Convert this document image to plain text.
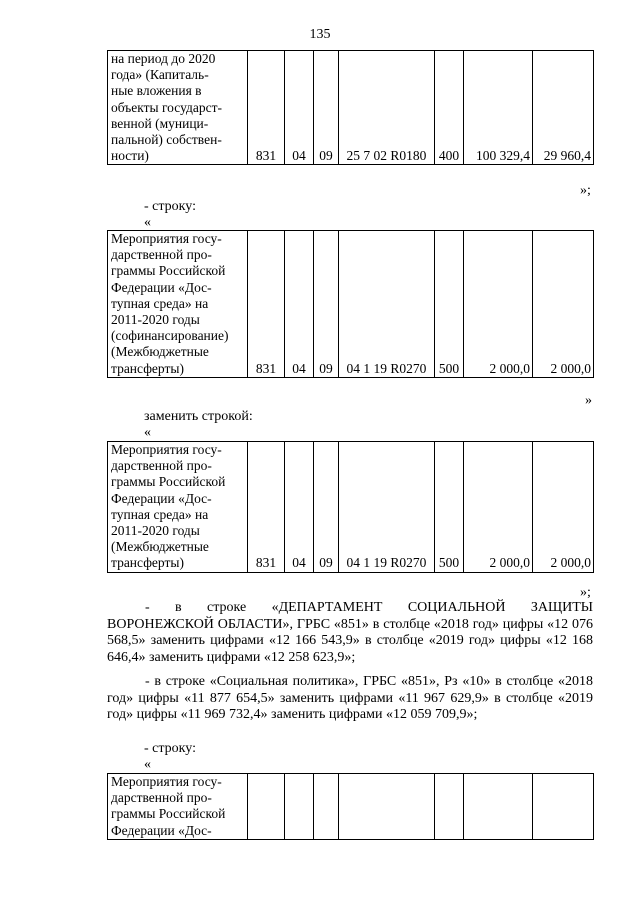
135
на период до 2020
года» (Капиталь-
ные вложения в
объекты государст-
венной (муници-
пальной) собствен-
ности)	831	04	09	25 7 02 R0180	400	100 329,4	29 960,4
»;
- строку:
«
Мероприятия госу-
дарственной про-
граммы Российской
Федерации «Дос-
тупная среда» на
2011-2020 годы
(софинансирование)
(Межбюджетные
трансферты)	831	04	09	04 1 19 R0270	500	2 000,0	2 000,0
»
заменить строкой:
«
Мероприятия госу-
дарственной про-
граммы Российской
Федерации «Дос-
тупная среда» на
2011-2020 годы
(Межбюджетные
трансферты)	831	04	09	04 1 19 R0270	500	2 000,0	2 000,0
»;
- в строке «ДЕПАРТАМЕНТ СОЦИАЛЬНОЙ ЗАЩИТЫ ВОРОНЕЖСКОЙ ОБЛАСТИ», ГРБС «851» в столбце «2018 год» цифры «12 076 568,5» заменить цифрами «12 166 543,9» в столбце «2019 год» цифры «12 168 646,4» заменить цифрами «12 258 623,9»;
- в строке «Социальная политика», ГРБС «851», Рз «10» в столбце «2018 год» цифры «11 877 654,5» заменить цифрами «11 967 629,9» в столбце «2019 год» цифры «11 969 732,4» заменить цифрами «12 059 709,9»;
- строку:
«
Мероприятия госу-
дарственной про-
граммы Российской
Федерации «Дос-
